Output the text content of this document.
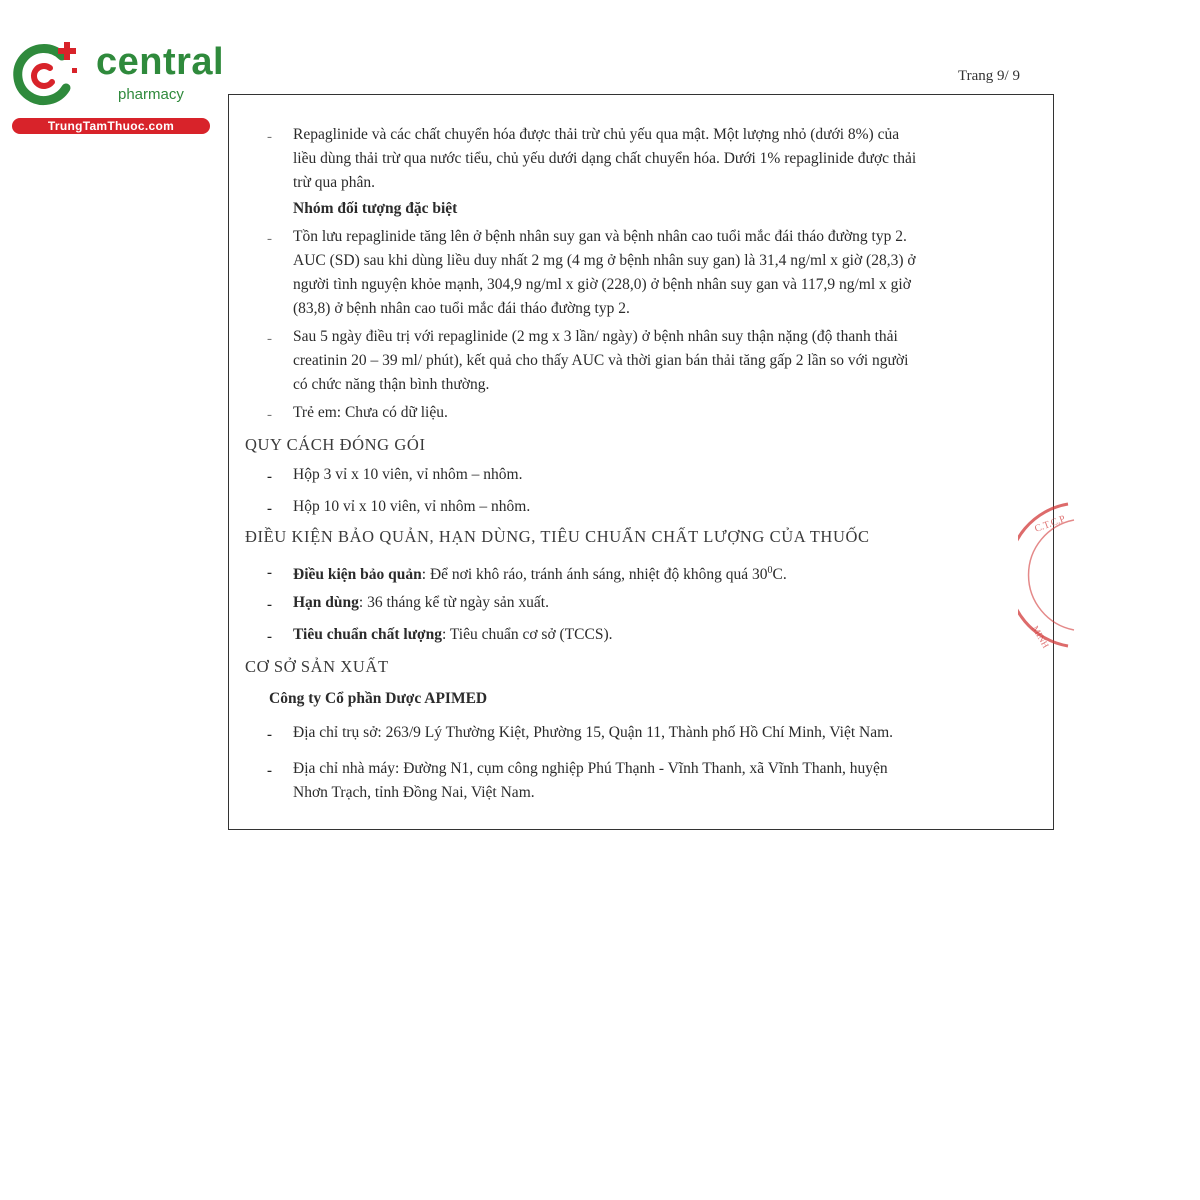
central
pharmacy
TrungTamThuoc.com
Trang 9/ 9
- Repaglinide và các chất chuyển hóa được thải trừ chủ yếu qua mật. Một lượng nhỏ (dưới 8%) của
liều dùng thải trừ qua nước tiểu, chủ yếu dưới dạng chất chuyển hóa. Dưới 1% repaglinide được thải
trừ qua phân.
Nhóm đối tượng đặc biệt
- Tồn lưu repaglinide tăng lên ở bệnh nhân suy gan và bệnh nhân cao tuổi mắc đái tháo đường typ 2.
AUC (SD) sau khi dùng liều duy nhất 2 mg (4 mg ở bệnh nhân suy gan) là 31,4 ng/ml x giờ (28,3) ở
người tình nguyện khỏe mạnh, 304,9 ng/ml x giờ (228,0) ở bệnh nhân suy gan và 117,9 ng/ml x giờ
(83,8) ở bệnh nhân cao tuổi mắc đái tháo đường typ 2.
- Sau 5 ngày điều trị với repaglinide (2 mg x 3 lần/ ngày) ở bệnh nhân suy thận nặng (độ thanh thải
creatinin 20 – 39 ml/ phút), kết quả cho thấy AUC và thời gian bán thải tăng gấp 2 lần so với người
có chức năng thận bình thường.
- Trẻ em: Chưa có dữ liệu.
QUY CÁCH ĐÓNG GÓI
- Hộp 3 vỉ x 10 viên, vỉ nhôm – nhôm.
- Hộp 10 vỉ x 10 viên, vỉ nhôm – nhôm.
ĐIỀU KIỆN BẢO QUẢN, HẠN DÙNG, TIÊU CHUẨN CHẤT LƯỢNG CỦA THUỐC
- Điều kiện bảo quản: Để nơi khô ráo, tránh ánh sáng, nhiệt độ không quá $30^0C$.
- Hạn dùng: 36 tháng kể từ ngày sản xuất.
- Tiêu chuẩn chất lượng: Tiêu chuẩn cơ sở (TCCS).
CƠ SỞ SẢN XUẤT
Công ty Cổ phần Dược APIMED
- Địa chỉ trụ sở: 263/9 Lý Thường Kiệt, Phường 15, Quận 11, Thành phố Hồ Chí Minh, Việt Nam.
- Địa chỉ nhà máy: Đường N1, cụm công nghiệp Phú Thạnh - Vĩnh Thanh, xã Vĩnh Thanh, huyện
Nhơn Trạch, tỉnh Đồng Nai, Việt Nam.
C.T.C.P
MINH
